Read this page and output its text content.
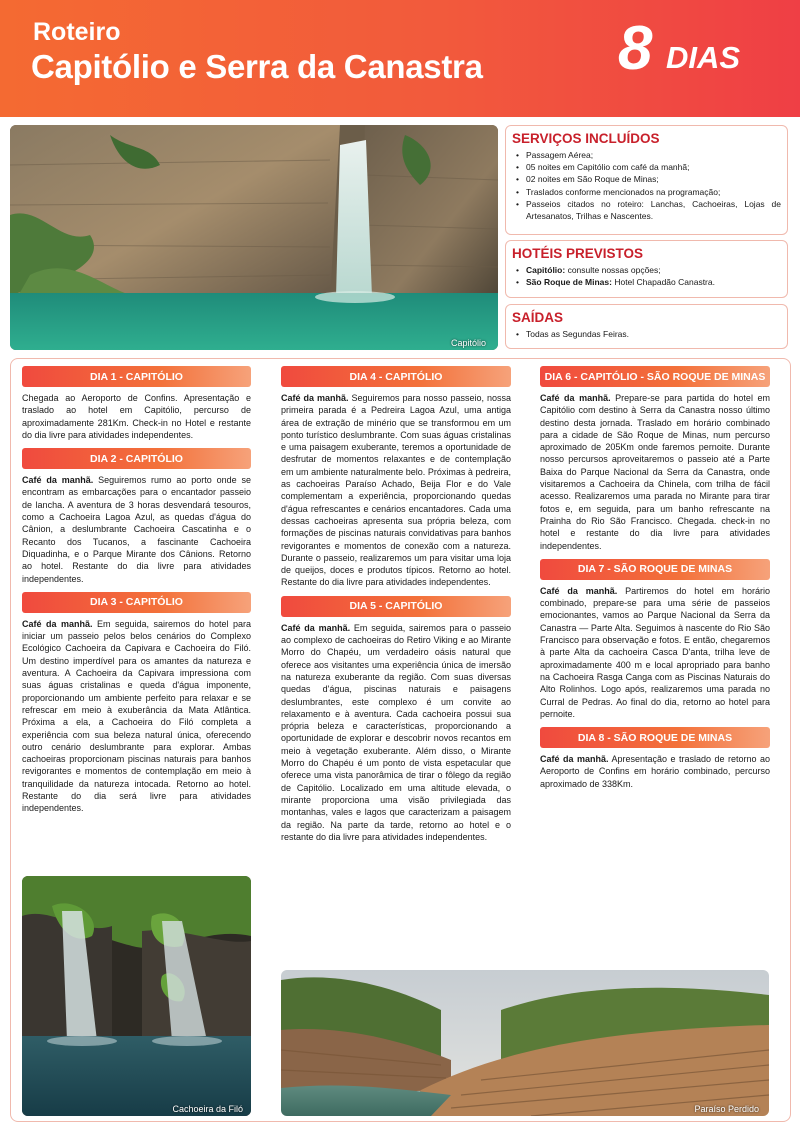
Roteiro
Capitólio e Serra da Canastra 8 DIAS
Capitólio
SERVIÇOS INCLUÍDOS
• Passagem Aérea;
• 05 noites em Capitólio com café da manhã;
• 02 noites em São Roque de Minas;
• Traslados conforme mencionados na programação;
• Passeios citados no roteiro: Lanchas, Cachoeiras, Lojas de Artesanatos, Trilhas e Nascentes.
HOTÉIS PREVISTOS
• Capitólio: consulte nossas opções;
• São Roque de Minas: Hotel Chapadão Canastra.
SAÍDAS
• Todas as Segundas Feiras.
DIA 1 - CAPITÓLIO
Chegada ao Aeroporto de Confins. Apresentação e traslado ao hotel em Capitólio, percurso de aproximadamente 281Km. Check-in no Hotel e restante do dia livre para atividades independentes.
DIA 2 - CAPITÓLIO
Café da manhã. Seguiremos rumo ao porto onde se encontram as embarcações para o encantador passeio de lancha. A aventura de 3 horas desvendará tesouros, como a Cachoeira Lagoa Azul, as quedas d'água do Cânion, a deslumbrante Cachoeira Cascatinha e o Recanto dos Tucanos, a fascinante Cachoeira Diquadinha, e o Parque Mirante dos Cânions. Retorno ao hotel. Restante do dia livre para atividades independentes.
DIA 3 - CAPITÓLIO
Café da manhã. Em seguida, sairemos do hotel para iniciar um passeio pelos belos cenários do Complexo Ecológico Cachoeira da Capivara e Cachoeira do Filó. Um destino imperdível para os amantes da natureza e aventura. A Cachoeira da Capivara impressiona com suas águas cristalinas e queda d'água imponente, proporcionando um ambiente perfeito para relaxar e se refrescar em meio à exuberância da Mata Atlântica. Próxima a ela, a Cachoeira do Filó completa a experiência com sua beleza natural única, oferecendo outro cenário deslumbrante para explorar. Ambas cachoeiras proporcionam piscinas naturais para banhos revigorantes e momentos de contemplação em meio à tranquilidade da natureza intocada. Retorno ao hotel. Restante do dia será livre para atividades independentes.
Cachoeira da Filó
DIA 4 - CAPITÓLIO
Café da manhã. Seguiremos para nosso passeio, nossa primeira parada é a Pedreira Lagoa Azul, uma antiga área de extração de minério que se transformou em um ponto turístico deslumbrante. Com suas águas cristalinas e uma paisagem exuberante, teremos a oportunidade de desfrutar de momentos relaxantes e de contemplação em um ambiente naturalmente belo. Próximas à pedreira, as cachoeiras Paraíso Achado, Beija Flor e do Vale complementam a experiência, proporcionando quedas d'água refrescantes e cenários encantadores. Cada uma dessas cachoeiras apresenta sua própria beleza, com formações de piscinas naturais convidativas para banhos revigorantes e momentos de conexão com a natureza. Durante o passeio, realizaremos um para visitar uma loja de queijos, doces e produtos típicos. Retorno ao hotel. Restante do dia livre para atividades independentes.
DIA 5 - CAPITÓLIO
Café da manhã. Em seguida, sairemos para o passeio ao complexo de cachoeiras do Retiro Viking e ao Mirante Morro do Chapéu, um verdadeiro oásis natural que oferece aos visitantes uma experiência única de imersão na natureza exuberante da região. Com suas diversas quedas d'água, piscinas naturais e paisagens deslumbrantes, este complexo é um convite ao relaxamento e à aventura. Cada cachoeira possui sua própria beleza e características, proporcionando a oportunidade de explorar e descobrir novos recantos em meio à vegetação exuberante. Além disso, o Mirante Morro do Chapéu é um ponto de vista espetacular que oferece uma vista panorâmica de tirar o fôlego da região de Capitólio. Localizado em uma altitude elevada, o mirante proporciona uma visão privilegiada das montanhas, vales e lagos que caracterizam a paisagem da região. Na parte da tarde, retorno ao hotel e o restante do dia livre para atividades independentes.
DIA 6 - CAPITÓLIO - SÃO ROQUE DE MINAS
Café da manhã. Prepare-se para partida do hotel em Capitólio com destino à Serra da Canastra nosso último destino desta jornada. Traslado em horário combinado para a cidade de São Roque de Minas, num percurso aproximado de 205Km onde faremos pernoite. Durante nosso percursos aproveitaremos o passeio até a Parte Baixa do Parque Nacional da Serra da Canastra, onde visitaremos a Cachoeira da Chinela, com trilha de fácil acesso. Realizaremos uma parada no Mirante para tirar fotos e, em seguida, para um banho refrescante na Prainha do Rio São Francisco. Chegada. check-in no hotel e restante do dia livre para atividades independentes.
DIA 7 - SÃO ROQUE DE MINAS
Café da manhã. Partiremos do hotel em horário combinado, prepare-se para uma série de passeios emocionantes, vamos ao Parque Nacional da Serra da Canastra — Parte Alta. Seguimos à nascente do Rio São Francisco para observação e fotos. E então, chegaremos à parte Alta da cachoeira Casca D'anta, trilha leve de aproximadamente 400 m e local apropriado para banho na Cachoeira Rasga Canga com as Piscinas Naturais do Alto Rolinhos. Logo após, realizaremos uma parada no Curral de Pedras. Ao final do dia, retorno ao hotel para pernoite.
DIA 8 - SÃO ROQUE DE MINAS
Café da manhã. Apresentação e traslado de retorno ao Aeroporto de Confins em horário combinado, percurso aproximado de 338Km.
Paraíso Perdido
